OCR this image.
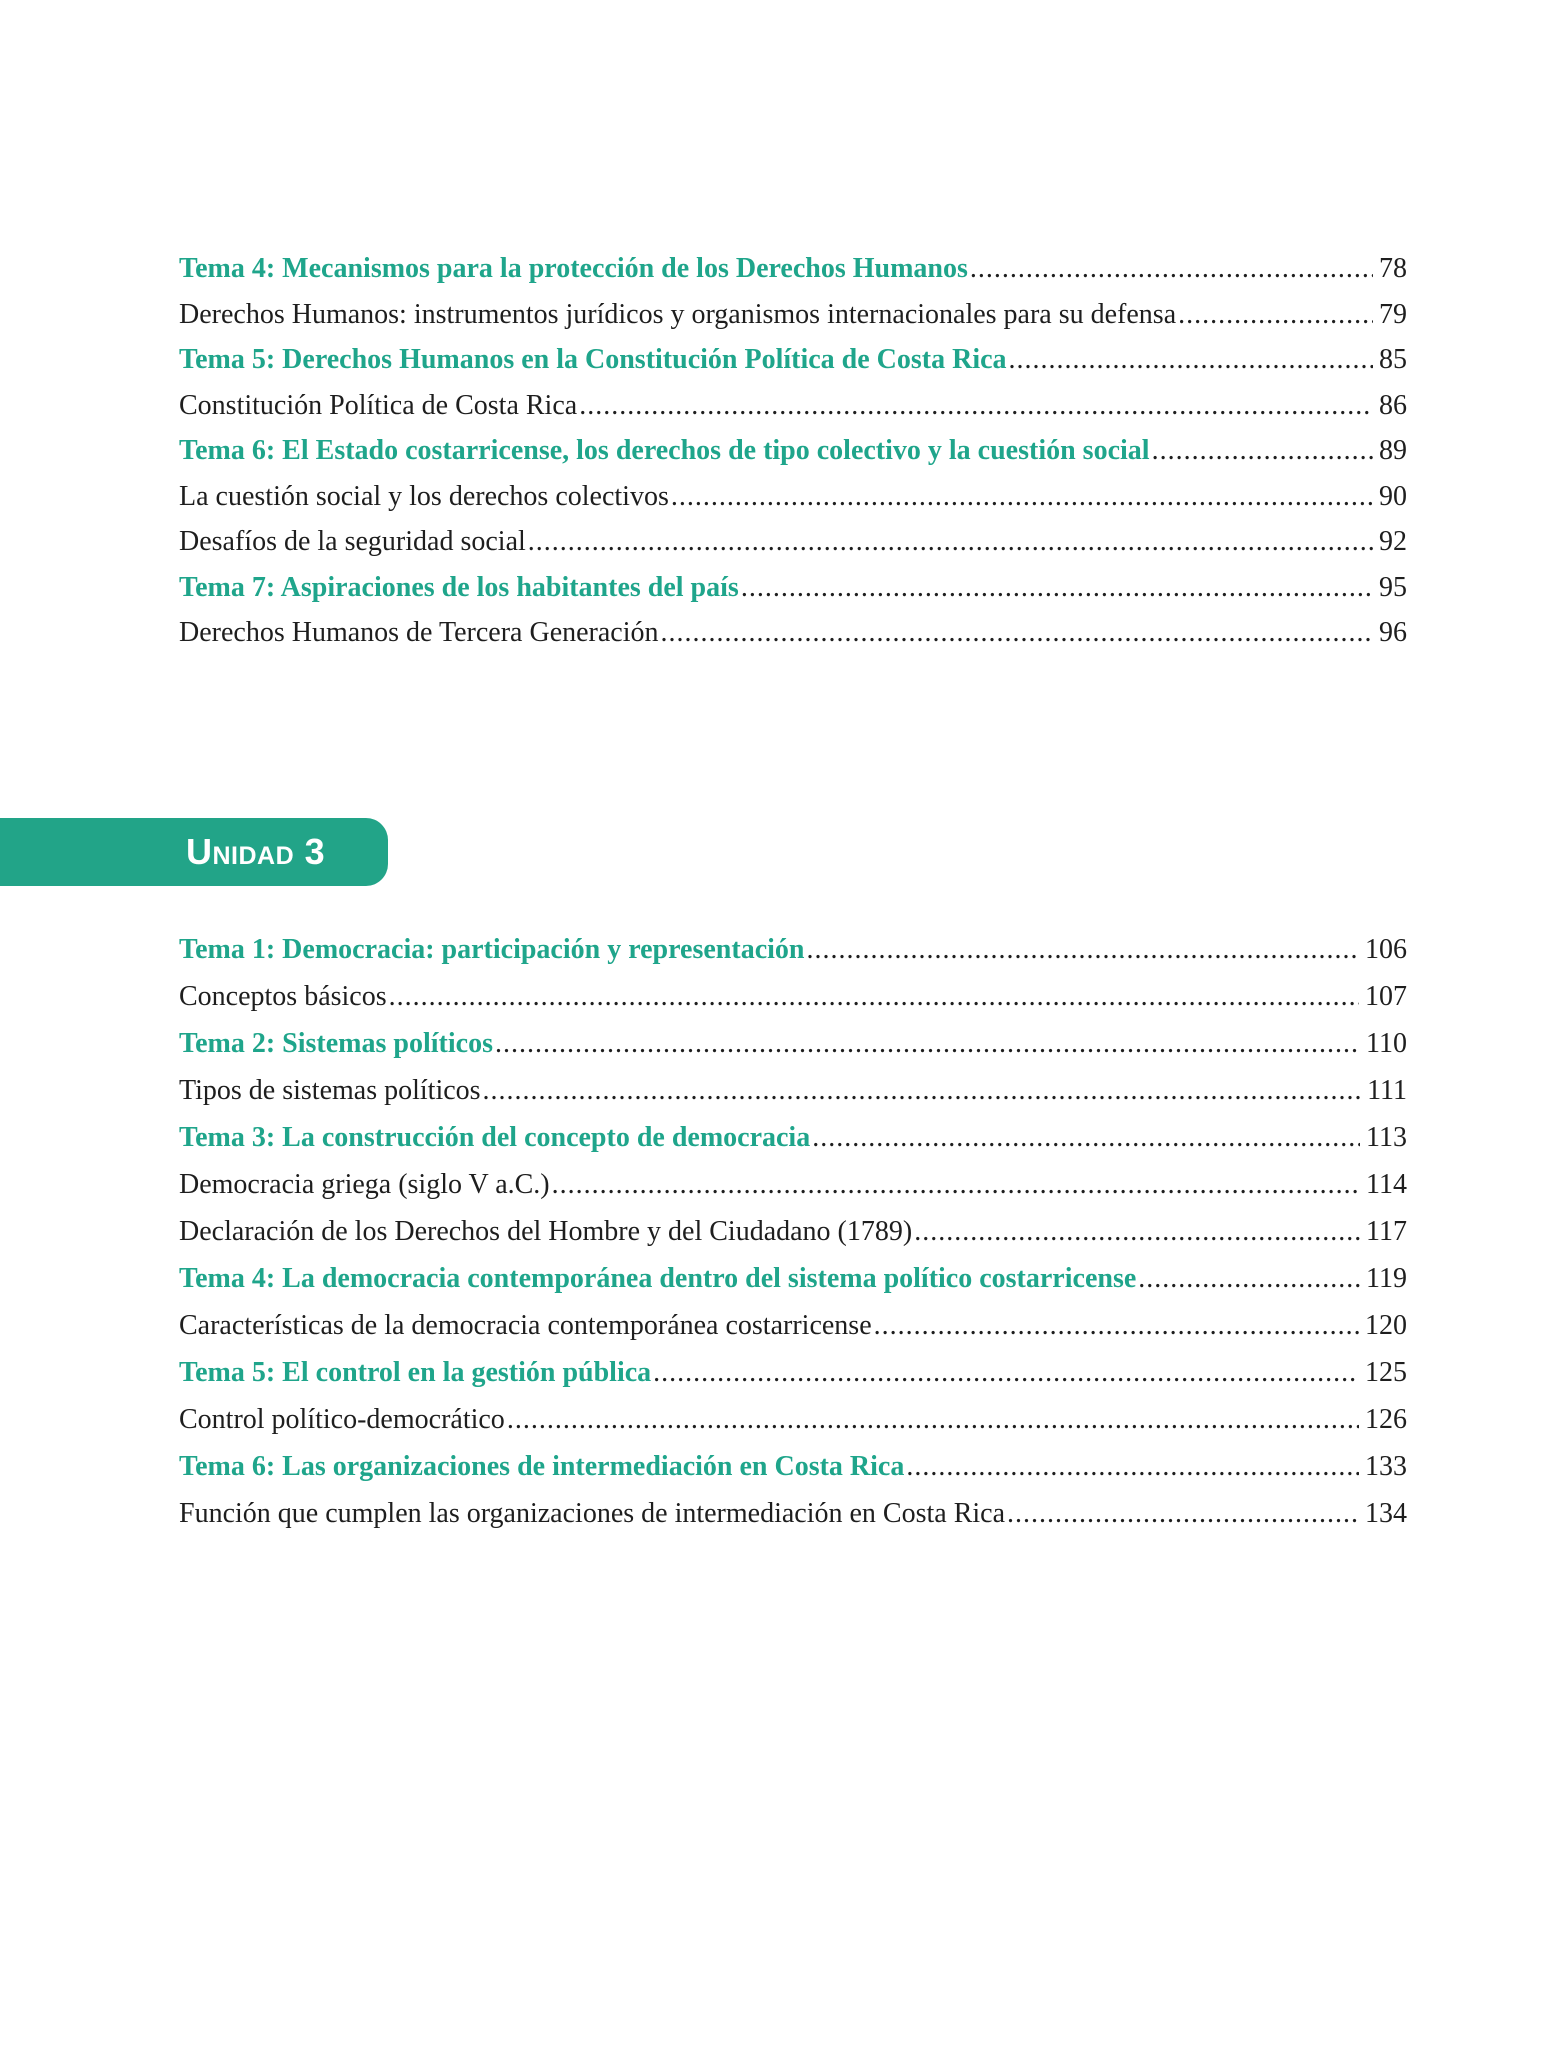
Tema 4: Mecanismos para la protección de los Derechos Humanos .....	78
Derechos Humanos: instrumentos jurídicos y organismos internacionales para su defensa .....	79
Tema 5: Derechos Humanos en la Constitución Política de Costa Rica .....	85
Constitución Política de Costa Rica .....	86
Tema 6: El Estado costarricense, los derechos de tipo colectivo y la cuestión social .....	89
La cuestión social y los derechos colectivos .....	90
Desafíos de la seguridad social .....	92
Tema 7: Aspiraciones de los habitantes del país .....	95
Derechos Humanos de Tercera Generación .....	96
Unidad 3
Tema 1: Democracia: participación y representación .....	106
Conceptos básicos .....	107
Tema 2: Sistemas políticos .....	110
Tipos de sistemas políticos .....	111
Tema 3: La construcción del concepto de democracia .....	113
Democracia griega (siglo V a.C.) .....	114
Declaración de los Derechos del Hombre y del Ciudadano (1789) .....	117
Tema 4: La democracia contemporánea dentro del sistema político costarricense .....	119
Características de la democracia contemporánea costarricense .....	120
Tema 5: El control en la gestión pública .....	125
Control político-democrático .....	126
Tema 6: Las organizaciones de intermediación en Costa Rica .....	133
Función que cumplen las organizaciones de intermediación en Costa Rica .....	134
